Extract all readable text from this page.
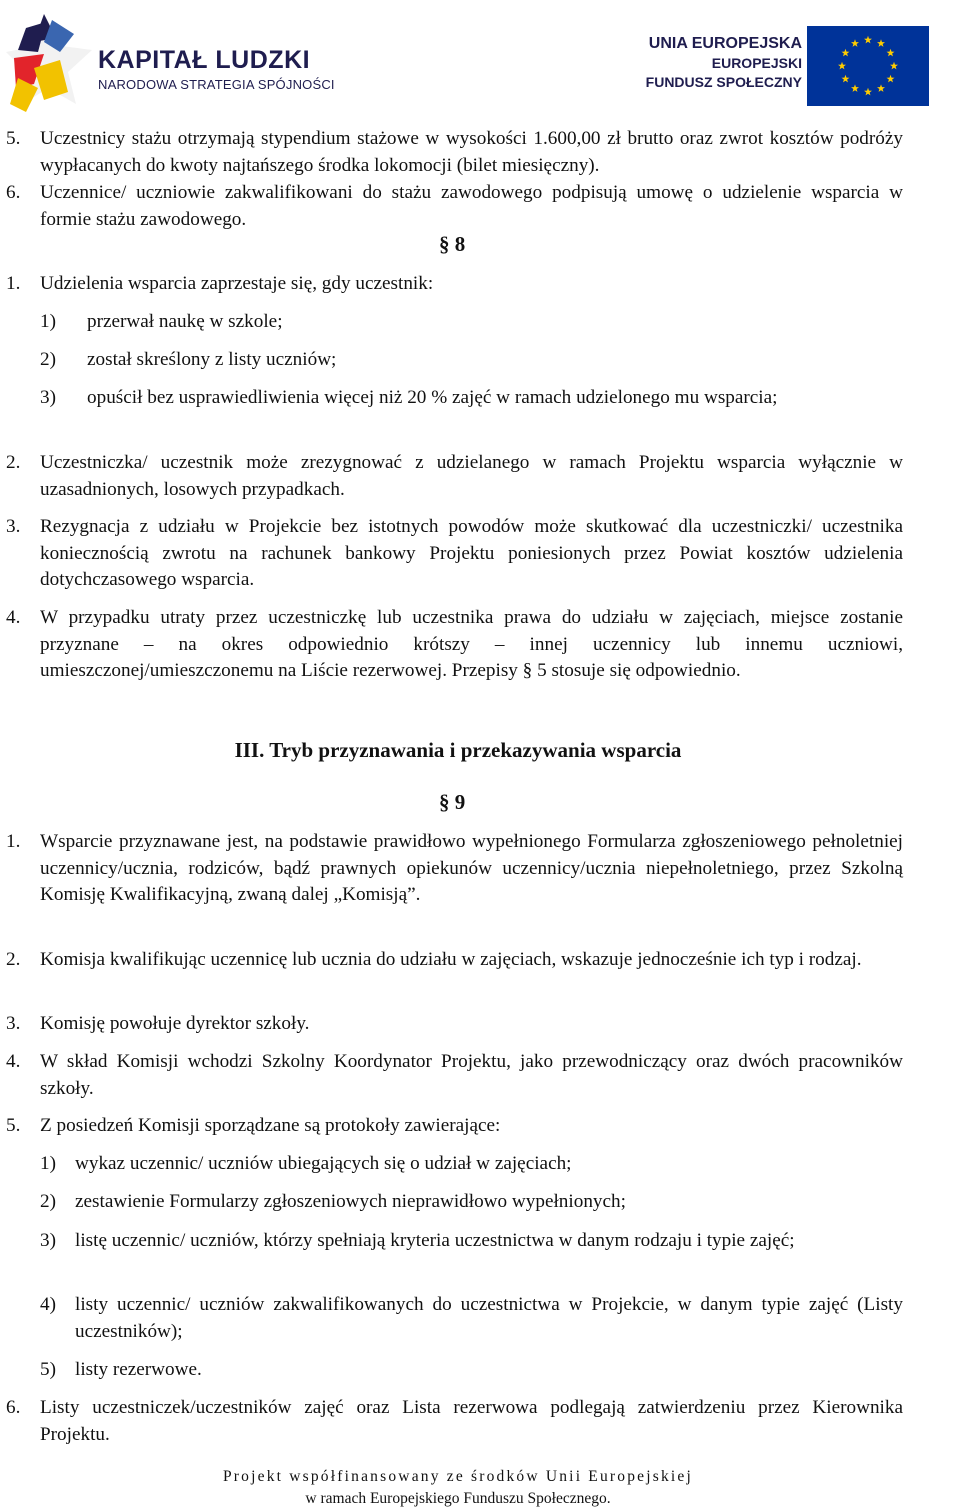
KAPITAŁ LUDZKI
NARODOWA STRATEGIA SPÓJNOŚCI
UNIA EUROPEJSKA
EUROPEJSKI
FUNDUSZ SPOŁECZNY
5. Uczestnicy stażu otrzymają stypendium stażowe w wysokości 1.600,00 zł brutto oraz zwrot kosztów podróży wypłacanych do kwoty najtańszego środka lokomocji (bilet miesięczny).
6. Uczennice/ uczniowie zakwalifikowani do stażu zawodowego podpisują umowę o udzielenie wsparcia w formie stażu zawodowego.
§ 8
1. Udzielenia wsparcia zaprzestaje się, gdy uczestnik:
1) przerwał naukę w szkole;
2) został skreślony z listy uczniów;
3) opuścił bez usprawiedliwienia więcej niż 20 % zajęć w ramach udzielonego mu wsparcia;
2. Uczestniczka/ uczestnik może zrezygnować z udzielanego w ramach Projektu wsparcia wyłącznie w uzasadnionych, losowych przypadkach.
3. Rezygnacja z udziału w Projekcie bez istotnych powodów może skutkować dla uczestniczki/ uczestnika koniecznością zwrotu na rachunek bankowy Projektu poniesionych przez Powiat kosztów udzielenia dotychczasowego wsparcia.
4. W przypadku utraty przez uczestniczkę lub uczestnika prawa do udziału w zajęciach, miejsce zostanie przyznane – na okres odpowiednio krótszy – innej uczennicy lub innemu uczniowi, umieszczonej/umieszczonemu na Liście rezerwowej. Przepisy § 5 stosuje się odpowiednio.
III. Tryb przyznawania i przekazywania wsparcia
§ 9
1. Wsparcie przyznawane jest, na podstawie prawidłowo wypełnionego Formularza zgłoszeniowego pełnoletniej uczennicy/ucznia, rodziców, bądź prawnych opiekunów uczennicy/ucznia niepełnoletniego, przez Szkolną Komisję Kwalifikacyjną, zwaną dalej „Komisją”.
2. Komisja kwalifikując uczennicę lub ucznia do udziału w zajęciach, wskazuje jednocześnie ich typ i rodzaj.
3. Komisję powołuje dyrektor szkoły.
4. W skład Komisji wchodzi Szkolny Koordynator Projektu, jako przewodniczący oraz dwóch pracowników szkoły.
5. Z posiedzeń Komisji sporządzane są protokoły zawierające:
1) wykaz uczennic/ uczniów ubiegających się o udział w zajęciach;
2) zestawienie Formularzy zgłoszeniowych nieprawidłowo wypełnionych;
3) listę uczennic/ uczniów, którzy spełniają kryteria uczestnictwa w danym rodzaju i typie zajęć;
4) listy uczennic/ uczniów zakwalifikowanych do uczestnictwa w Projekcie, w danym typie zajęć (Listy uczestników);
5) listy rezerwowe.
6. Listy uczestniczek/uczestników zajęć oraz Lista rezerwowa podlegają zatwierdzeniu przez Kierownika Projektu.
Projekt współfinansowany ze środków Unii Europejskiej
w ramach Europejskiego Funduszu Społecznego.
